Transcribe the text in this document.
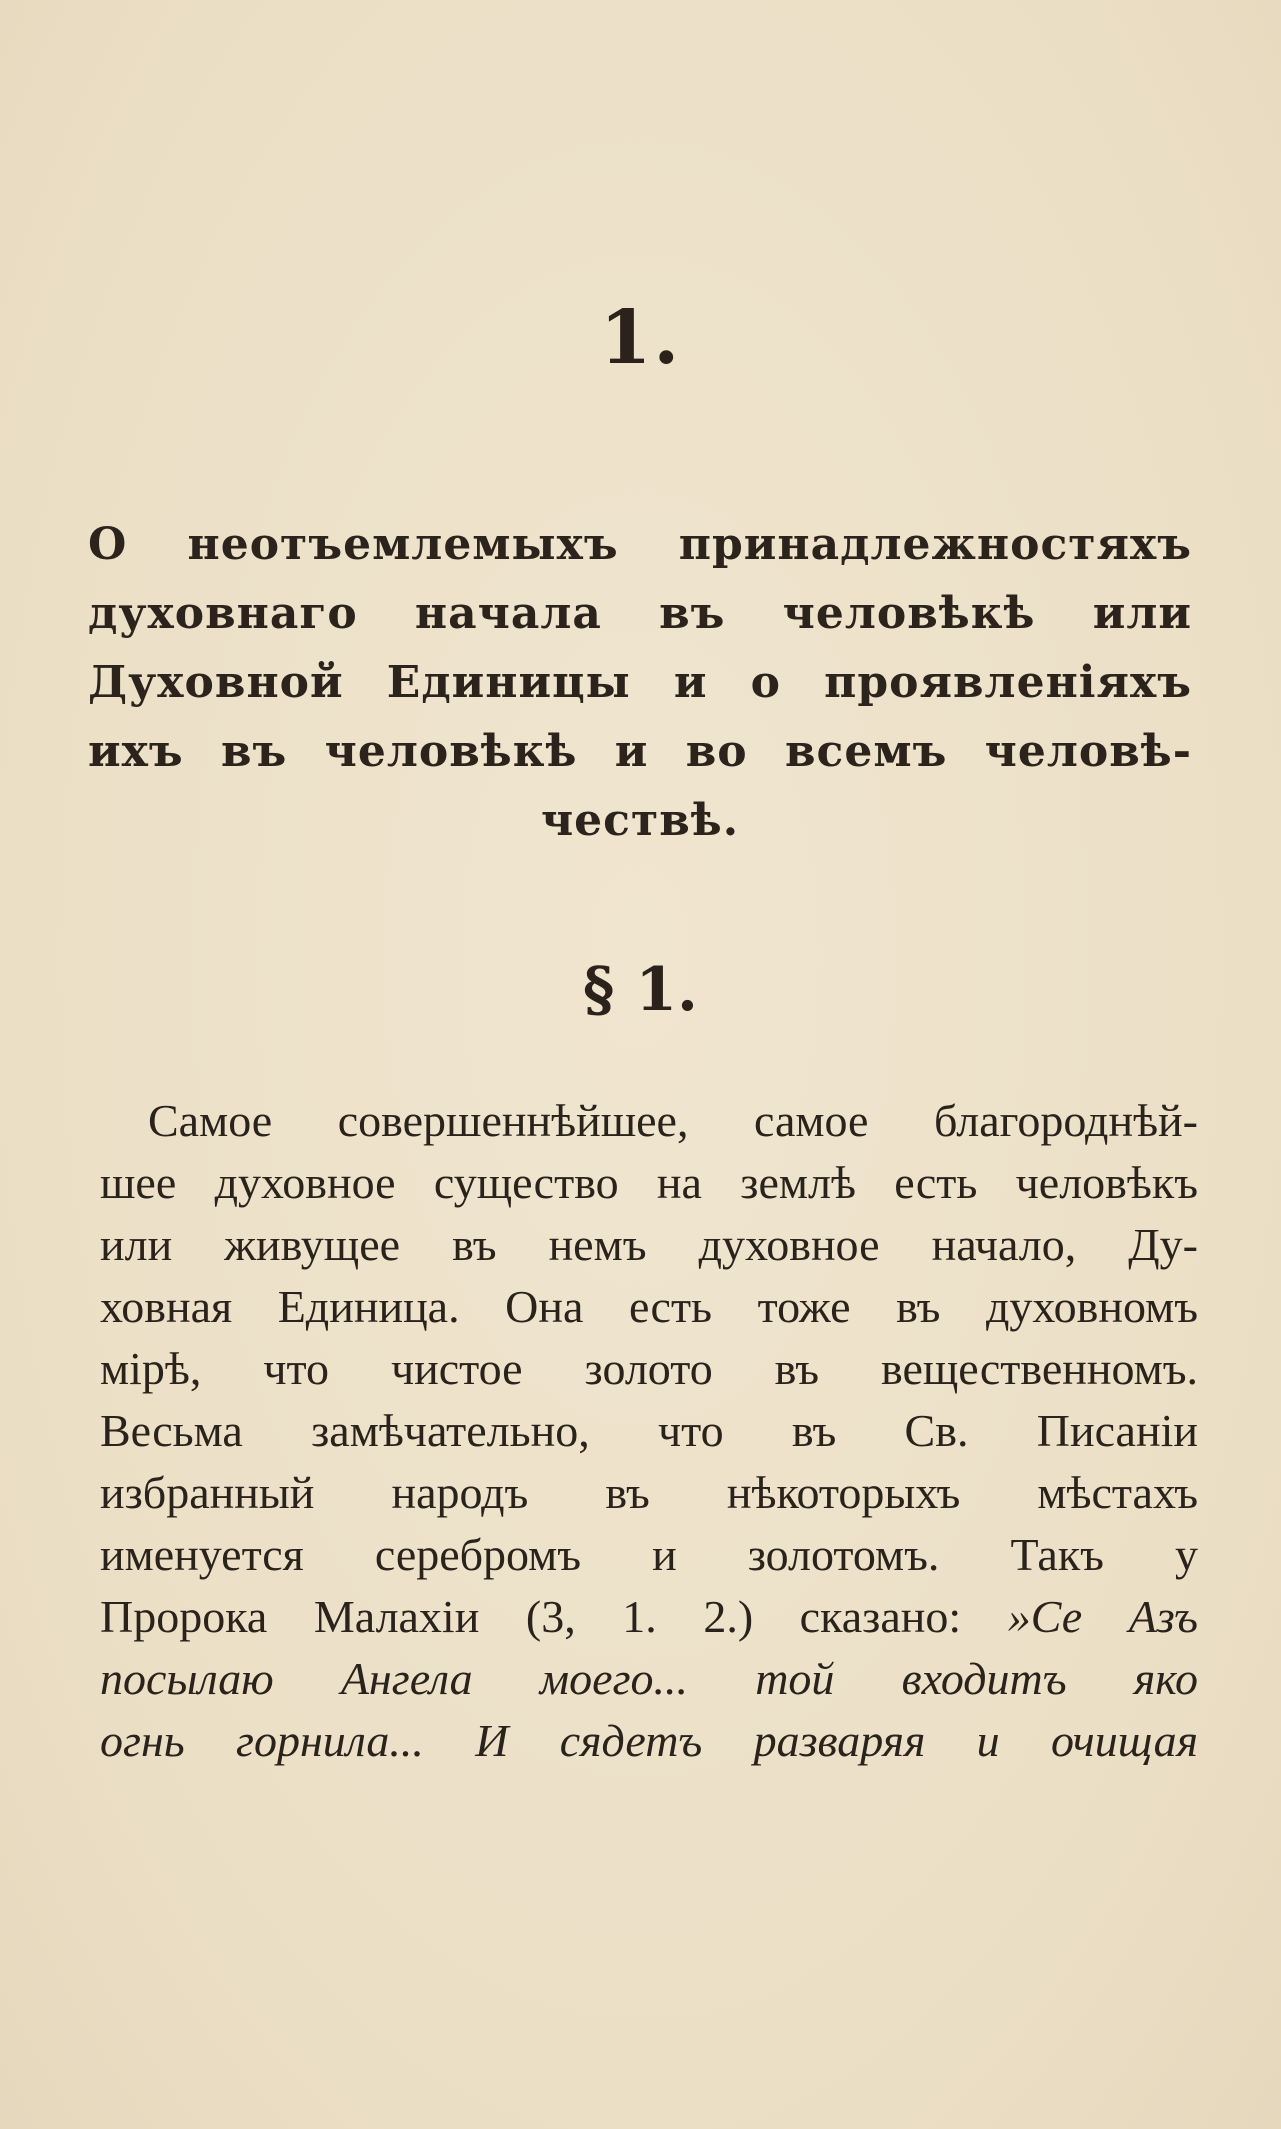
1.
О неотъемлемыхъ принадлежностяхъ
духовнаго начала въ человѣкѣ или
Духовной Единицы и о проявленіяхъ
ихъ въ человѣкѣ и во всемъ человѣ-
чествѣ.
§ 1.
Самое совершеннѣйшее, самое благороднѣй-
шее духовное существо на землѣ есть человѣкъ
или живущее въ немъ духовное начало, Ду-
ховная Единица. Она есть тоже въ духовномъ
мірѣ, что чистое золото въ вещественномъ.
Весьма замѣчательно, что въ Св. Писаніи
избранный народъ въ нѣкоторыхъ мѣстахъ
именуется серебромъ и золотомъ. Такъ у
Пророка Малахіи (3, 1. 2.) сказано: »Се Азъ
посылаю Ангела моего... той входитъ яко
огнь горнила... И сядетъ разваряя и очищая
